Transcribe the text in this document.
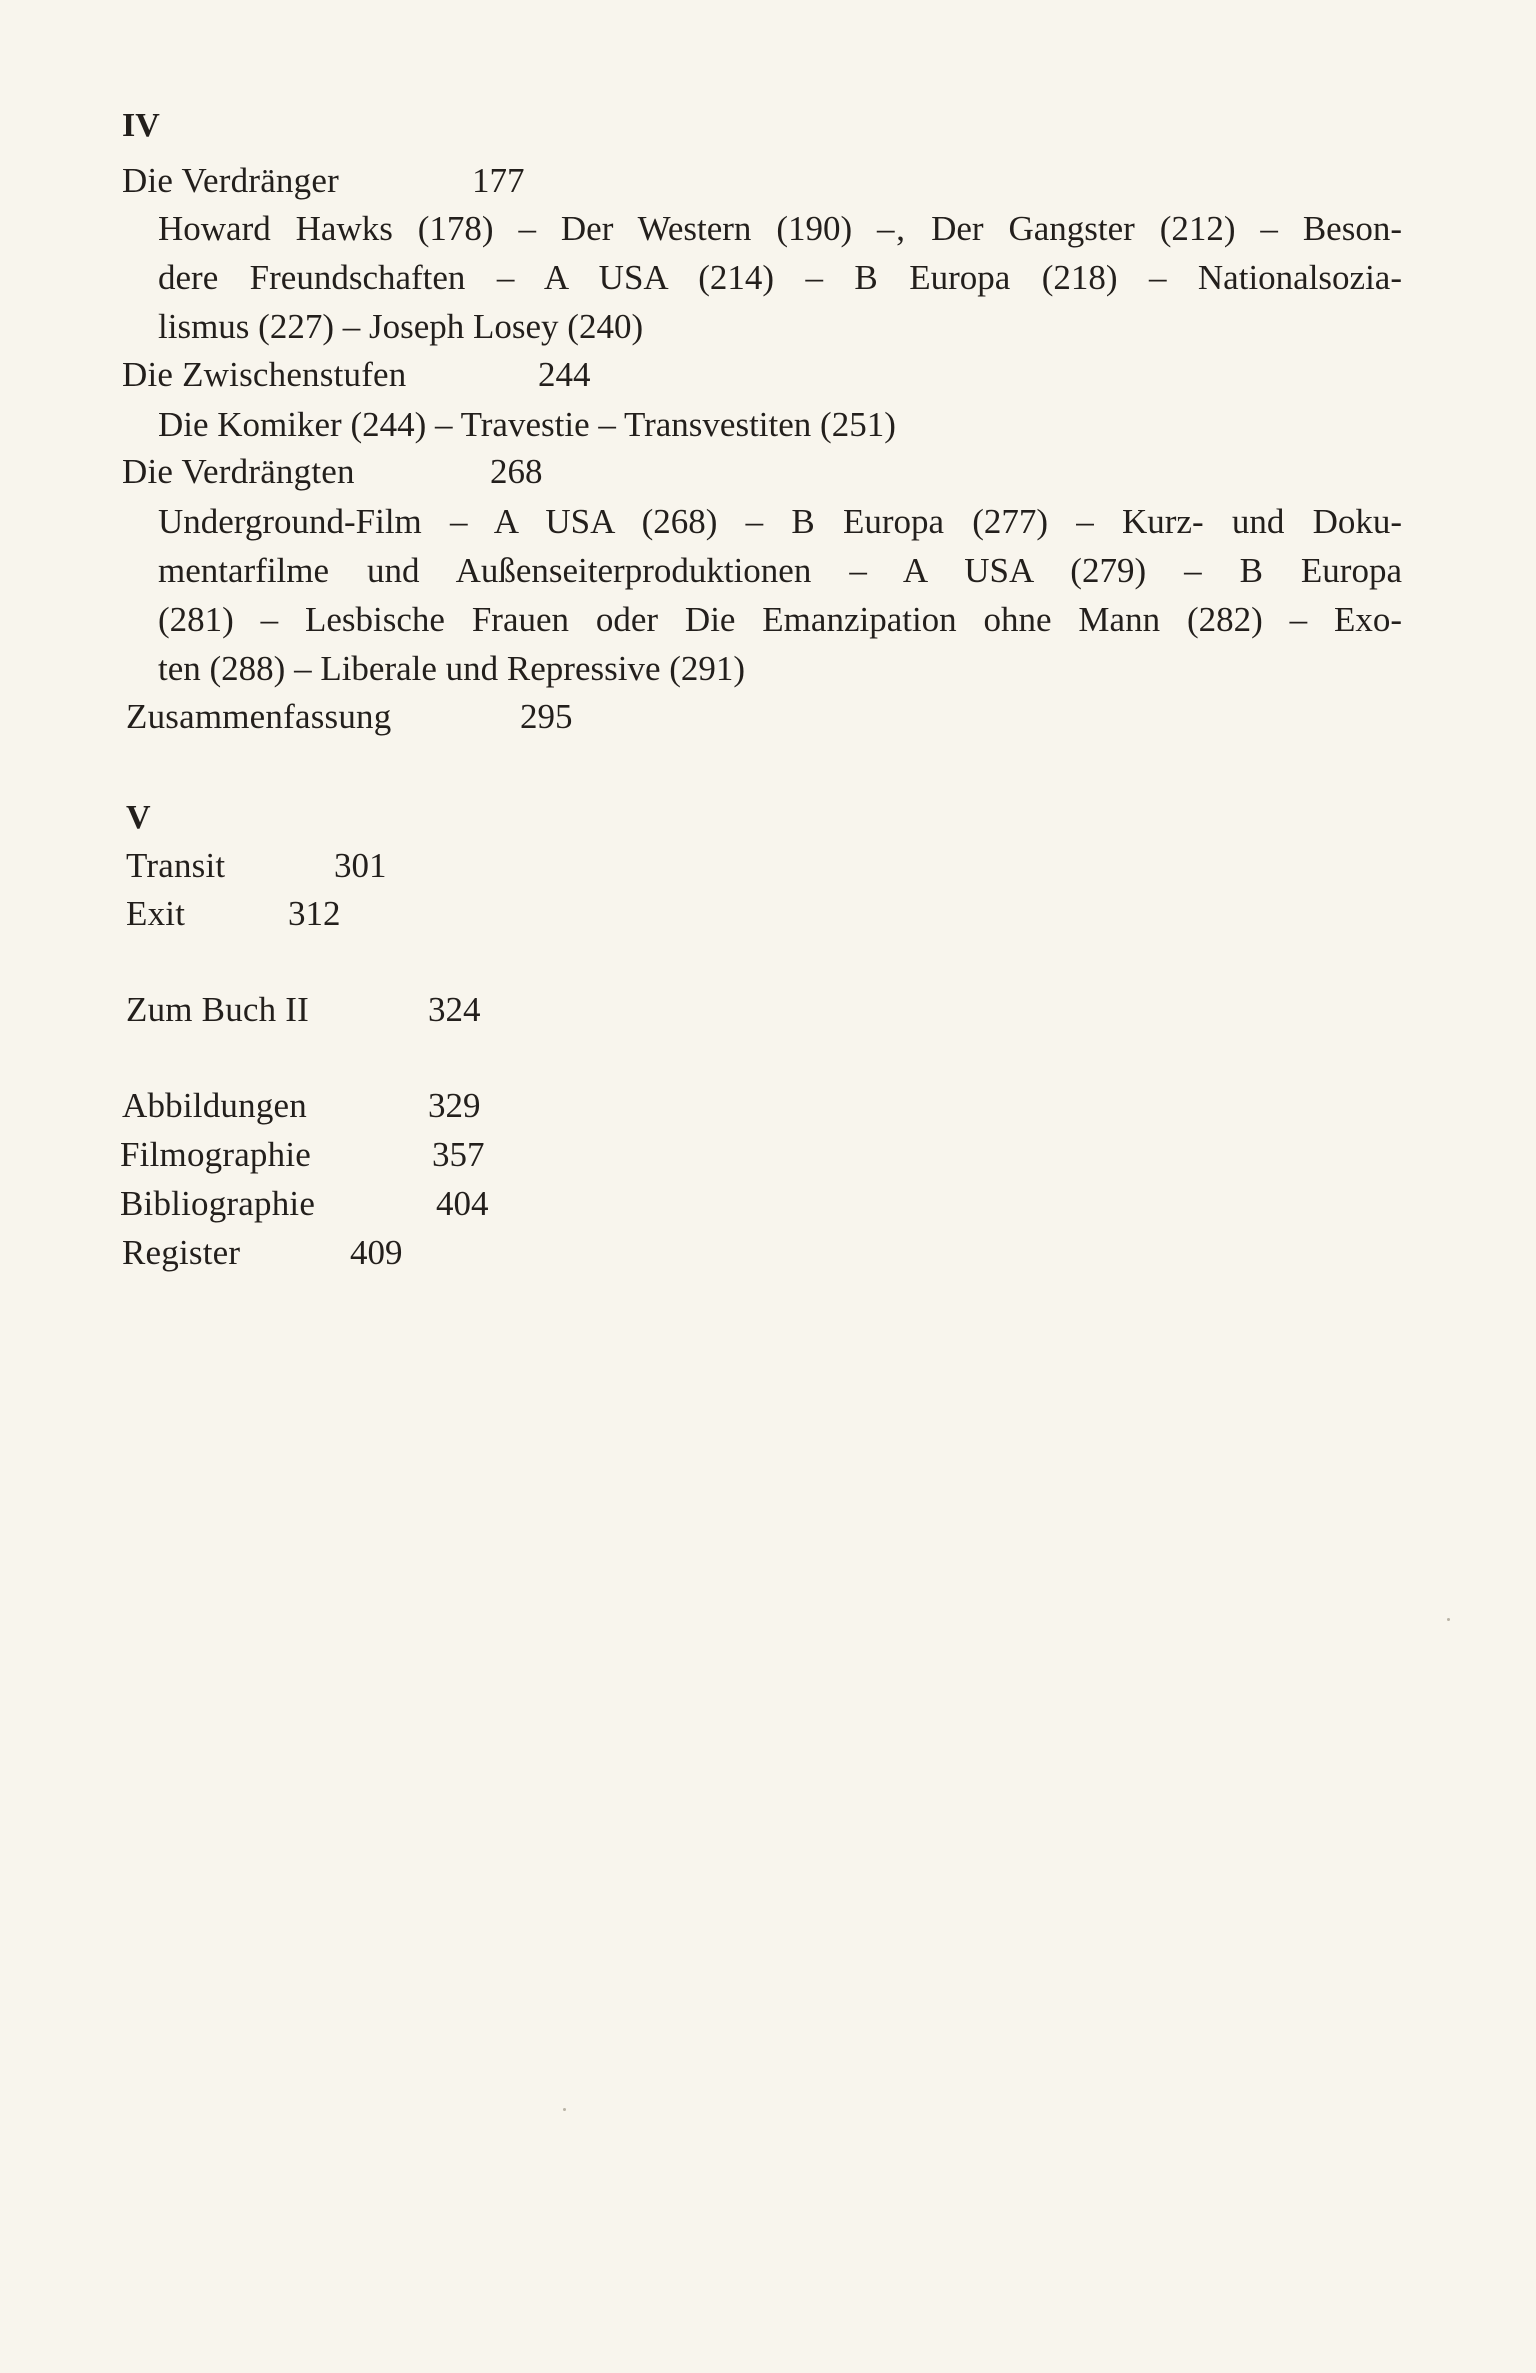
IV
Die Verdränger	177
Howard Hawks (178) – Der Western (190) –‚ Der Gangster (212) – Beson-
dere Freundschaften – A USA (214) – B Europa (218) – Nationalsozia-
lismus (227) – Joseph Losey (240)
Die Zwischenstufen	244
Die Komiker (244) – Travestie – Transvestiten (251)
Die Verdrängten	268
Underground-Film – A USA (268) – B Europa (277) – Kurz- und Doku-
mentarfilme und Außenseiterproduktionen – A USA (279) – B Europa
(281) – Lesbische Frauen oder Die Emanzipation ohne Mann (282) – Exo-
ten (288) – Liberale und Repressive (291)
Zusammenfassung	295
V
Transit	301
Exit	312
Zum Buch II	324
Abbildungen	329
Filmographie	357
Bibliographie	404
Register	409
